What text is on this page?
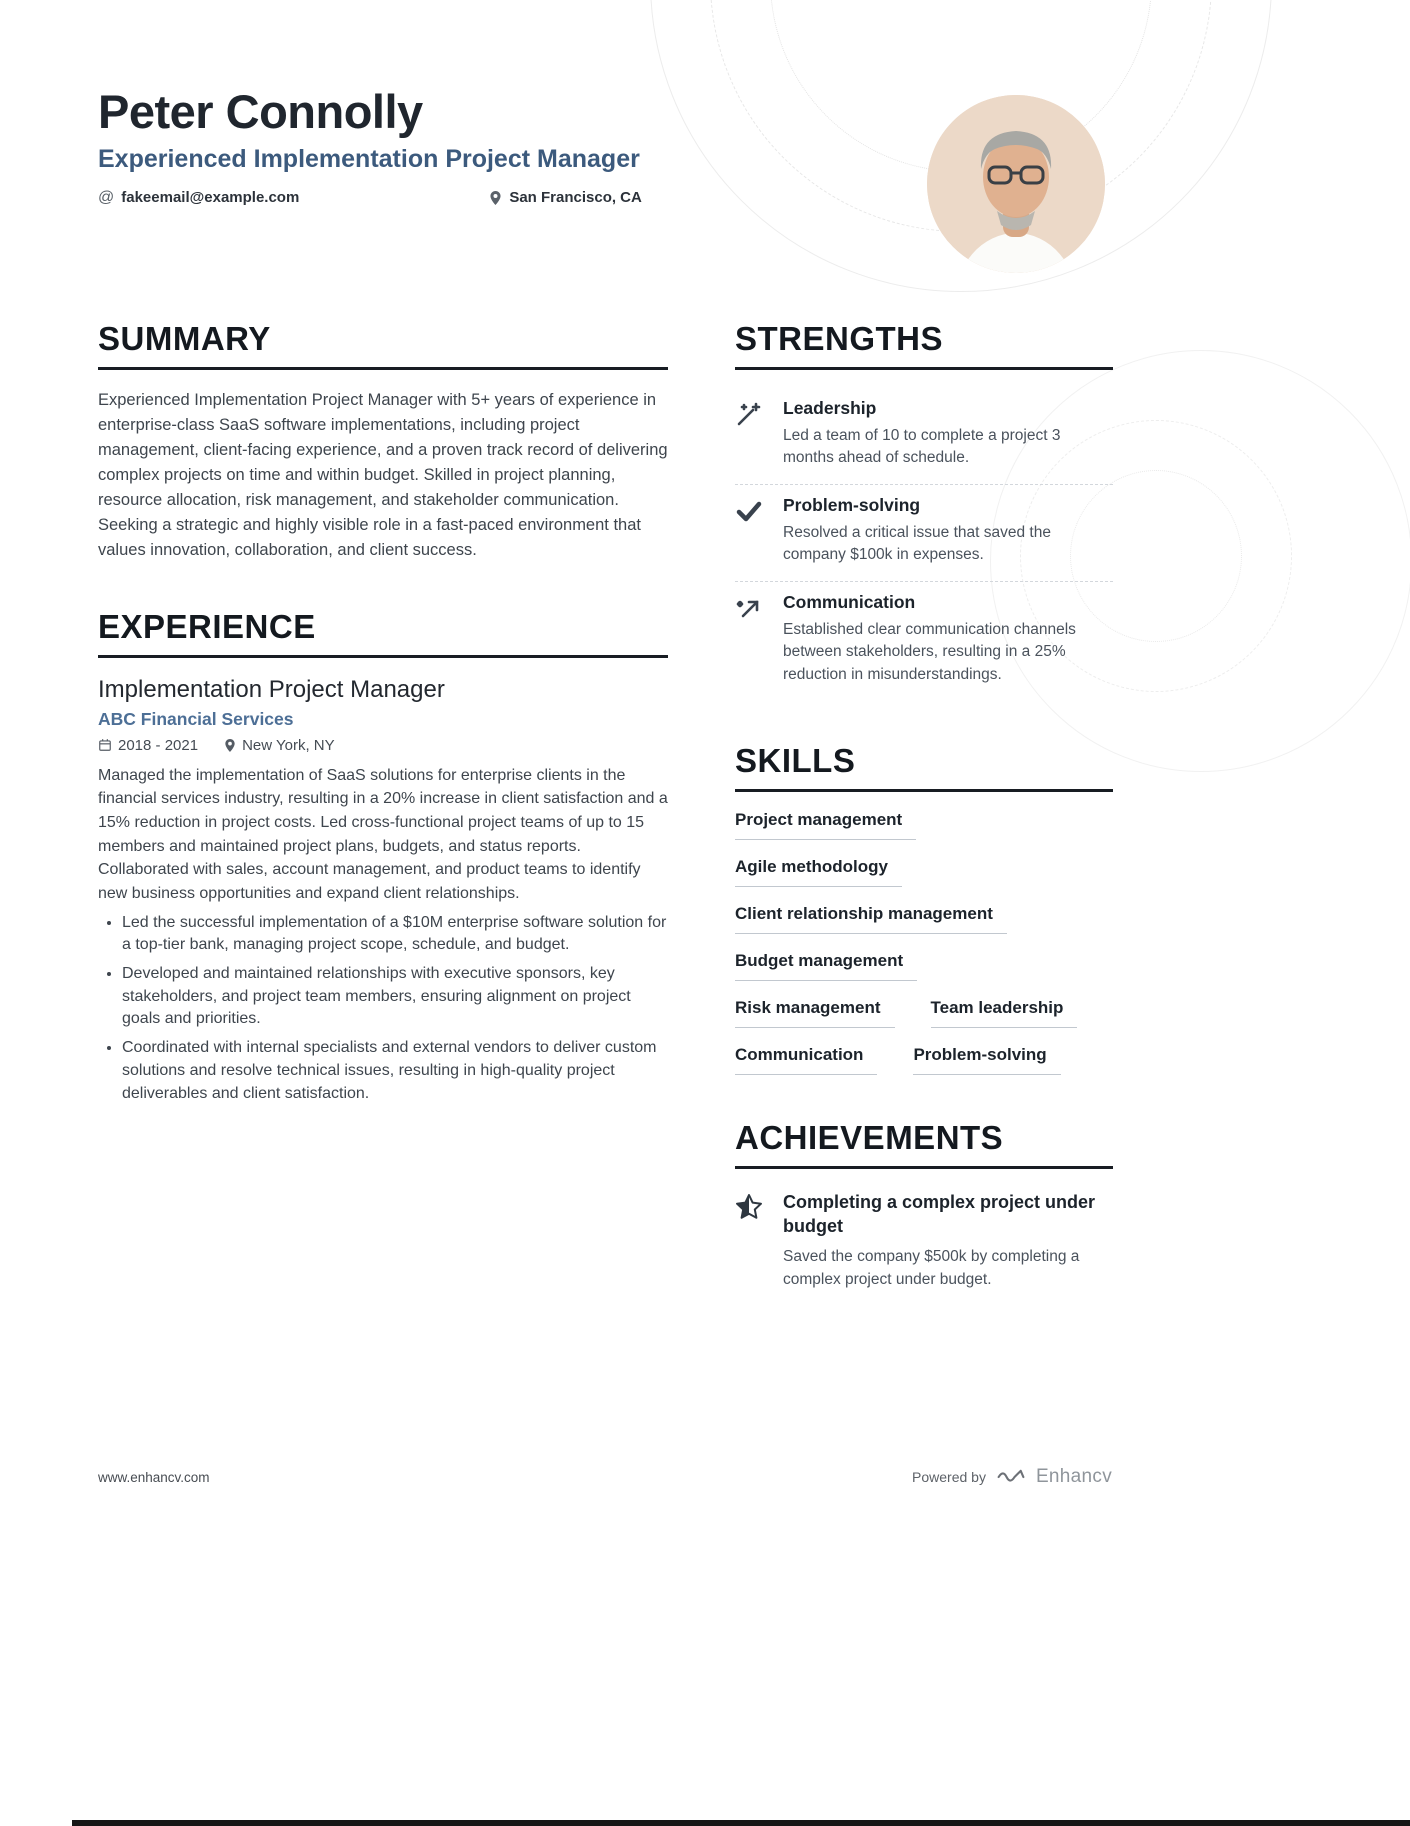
Peter Connolly
Experienced Implementation Project Manager
@ fakeemail@example.com	San Francisco, CA
SUMMARY

Experienced Implementation Project Manager with 5+ years of experience in enterprise-class SaaS software implementations, including project management, client-facing experience, and a proven track record of delivering complex projects on time and within budget. Skilled in project planning, resource allocation, risk management, and stakeholder communication. Seeking a strategic and highly visible role in a fast-paced environment that values innovation, collaboration, and client success.

EXPERIENCE
Implementation Project Manager
ABC Financial Services
2018 - 2021	New York, NY

Managed the implementation of SaaS solutions for enterprise clients in the financial services industry, resulting in a 20% increase in client satisfaction and a 15% reduction in project costs. Led cross-functional project teams of up to 15 members and maintained project plans, budgets, and status reports. Collaborated with sales, account management, and product teams to identify new business opportunities and expand client relationships.

• Led the successful implementation of a $10M enterprise software solution for a top-tier bank, managing project scope, schedule, and budget.
• Developed and maintained relationships with executive sponsors, key stakeholders, and project team members, ensuring alignment on project goals and priorities.
• Coordinated with internal specialists and external vendors to deliver custom solutions and resolve technical issues, resulting in high-quality project deliverables and client satisfaction.
STRENGTHS
Leadership
Led a team of 10 to complete a project 3 months ahead of schedule.
Problem-solving
Resolved a critical issue that saved the company $100k in expenses.
Communication
Established clear communication channels between stakeholders, resulting in a 25% reduction in misunderstandings.
SKILLS
Project management
Agile methodology
Client relationship management
Budget management
Risk management	Team leadership
Communication	Problem-solving
ACHIEVEMENTS
Completing a complex project under budget
Saved the company $500k by completing a complex project under budget.
www.enhancv.com	Powered by	Enhancv
